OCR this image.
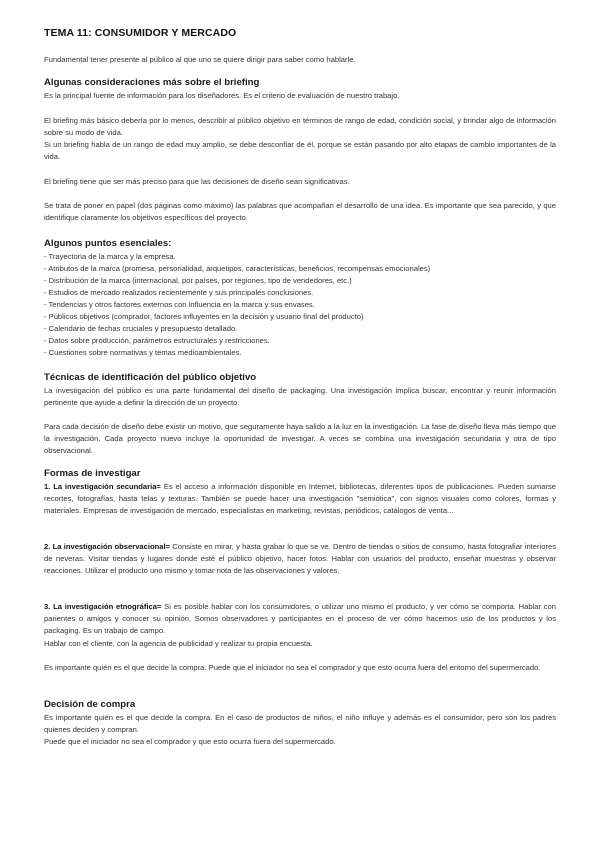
TEMA 11: CONSUMIDOR Y MERCADO
Fundamental tener presente al público al que uno se quiere dirigir para saber como hablarle.
Algunas consideraciones más sobre el briefing
Es la principal fuente de información para los diseñadores. Es el criterio de evaluación de nuestro trabajo.
El briefing más básico debería por lo menos, describir al público objetivo en términos de rango de edad, condición social, y brindar algo de información sobre su modo de vida.
Si un briefing habla de un rango de edad muy amplio, se debe desconfiar de él, porque se están pasando por alto etapas de cambio importantes de la vida.
El briefing tiene que ser más preciso para que las decisiones de diseño sean significativas.
Se trata de poner en papel (dos páginas como máximo) las palabras que acompañan el desarrollo de una idea. Es importante que sea parecido, y que identifique claramente los objetivos específicos del proyecto.
Algunos puntos esenciales:
- Trayectoria de la marca y la empresa.
- Atributos de la marca (promesa, personalidad, arquetipos, características, beneficios, recompensas emocionales)
- Distribución de la marca (internacional, por países, por regiones, tipo de vendedores, etc.)
- Estudios de mercado realizados recientemente y sus principales conclusiones.
- Tendencias y otros factores externos con influencia en la marca y sus envases.
- Públicos objetivos (comprador, factores influyentes en la decisión y usuario final del producto)
- Calendario de fechas cruciales y presupuesto detallado.
- Datos sobre producción, parámetros estructurales y restricciones.
- Cuestiones sobre normativas y temas medioambientales.
Técnicas de identificación del público objetivo
La investigación del público es una parte fundamental del diseño de packaging. Una investigación implica buscar, encontrar y reunir información pertinente que ayude a definir la dirección de un proyecto.
Para cada decisión de diseño debe existir un motivo, que seguramente haya salido a la luz en la investigación. La fase de diseño lleva más tiempo que la investigación. Cada proyecto nuevo incluye la oportunidad de investigar. A veces se combina una investigación secundaria y otra de tipo observacional.
Formas de investigar
1. La investigación secundaria= Es el acceso a información disponible en Internet, bibliotecas, diferentes tipos de publicaciones. Pueden sumarse recortes, fotografías, hasta telas y texturas. También se puede hacer una investigación "semiótica", con signos visuales como colores, formas y materiales. Empresas de investigación de mercado, especialistas en marketing, revistas, periódicos, catálogos de venta...
2. La investigación observacional= Consiste en mirar, y hasta grabar lo que se ve. Dentro de tiendas o sitios de consumo, hasta fotografiar interiores de neveras. Visitar tiendas y lugares donde esté el público objetivo, hacer fotos. Hablar con usuarios del producto, enseñar muestras y observar reacciones. Utilizar el producto uno mismo y tomar nota de las observaciones y valores.
3. La investigación etnográfica= Si es posible hablar con los consumidores, o utilizar uno mismo el producto, y ver cómo se comporta. Hablar con parientes o amigos y conocer su opinión. Somos observadores y participantes en el proceso de ver cómo hacemos uso de los productos y los packaging. Es un trabajo de campo.
Hablar con el cliente, con la agencia de publicidad y realizar tu propia encuesta.
Es importante quién es el que decide la compra. Puede que el iniciador no sea el comprador y que esto ocurra fuera del entorno del supermercado.
Decisión de compra
Es importante quién es el que decide la compra. En el caso de productos de niños, el niño influye y además es el consumidor, pero son los padres quienes deciden y compran.
Puede que el iniciador no sea el comprador y que esto ocurra fuera del supermercado.
